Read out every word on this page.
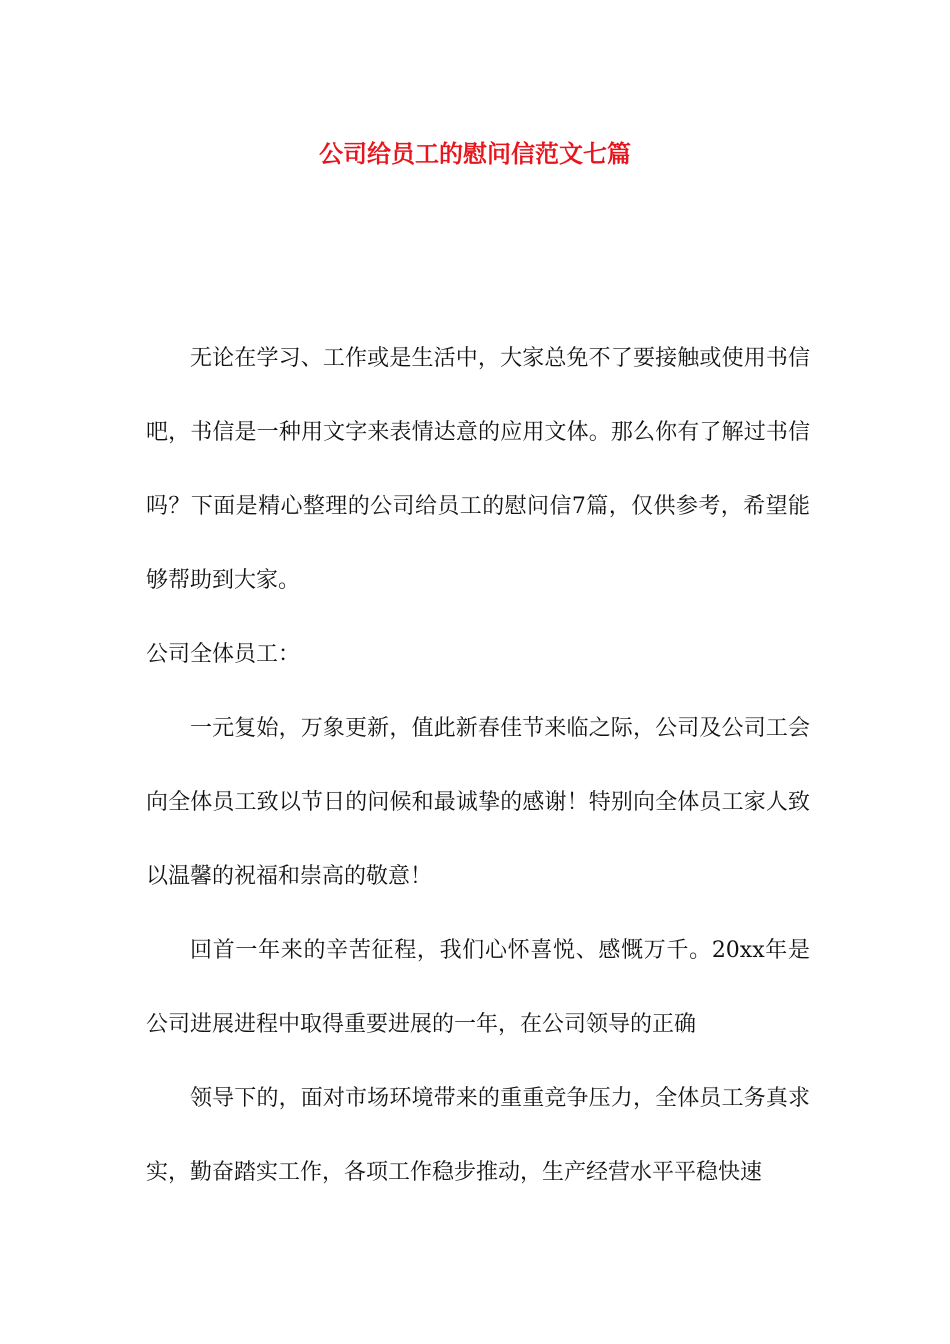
公司给员工的慰问信范文七篇

无论在学习、工作或是生活中，大家总免不了要接触或使用书信吧，书信是一种用文字来表情达意的应用文体。那么你有了解过书信吗？下面是精心整理的公司给员工的慰问信7篇，仅供参考，希望能够帮助到大家。

公司全体员工：

一元复始，万象更新，值此新春佳节来临之际，公司及公司工会向全体员工致以节日的问候和最诚挚的感谢！特别向全体员工家人致以温馨的祝福和崇高的敬意！

回首一年来的辛苦征程，我们心怀喜悦、感慨万千。20xx年是公司进展进程中取得重要进展的一年，在公司领导的正确

领导下的，面对市场环境带来的重重竞争压力，全体员工务真求实，勤奋踏实工作，各项工作稳步推动，生产经营水平平稳快速
